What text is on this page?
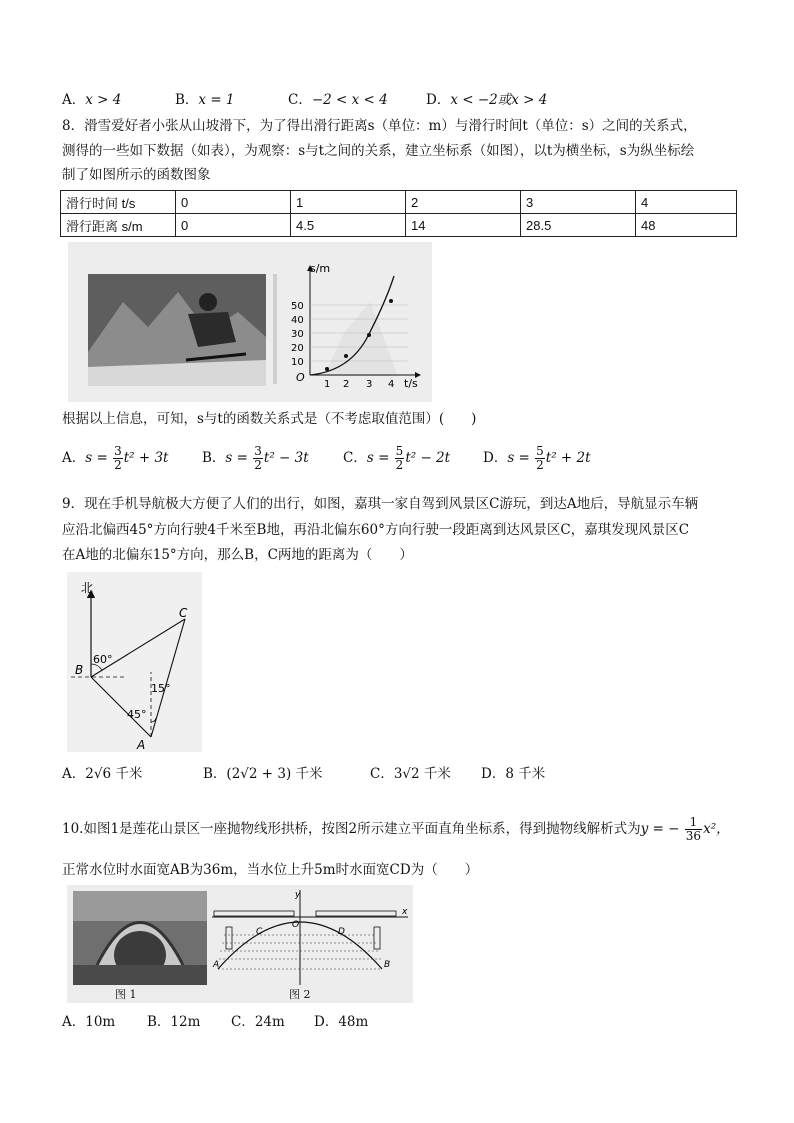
A．x > 4	B．x = 1	C．−2 < x < 4	D．x < −2或x > 4
8．滑雪爱好者小张从山坡滑下，为了得出滑行距离s（单位：m）与滑行时间t（单位：s）之间的关系式，
测得的一些如下数据（如表），为观察：s与t之间的关系，建立坐标系（如图），以t为横坐标，s为纵坐标绘
制了如图所示的函数图象
滑行时间 t/s	0	1	2	3	4
滑行距离 s/m	0	4.5	14	28.5	48
O
s/m
t/s
10
20
30
40
50
1 2 3 4
根据以上信息，可知，s与t的函数关系式是（不考虑取值范围）(　　)
A．$s = \frac{3}{2} t^2 + 3t$ B．$s = \frac{3}{2} t^2 - 3t$	C．$s = \frac{5}{2} t^2 - 2t$ D．$s = \frac{5}{2} t^2 + 2t$
9．现在手机导航极大方便了人们的出行，如图，嘉琪一家自驾到风景区C游玩，到达A地后，导航显示车辆
应沿北偏西45°方向行驶4千米至B地，再沿北偏东60°方向行驶一段距离到达风景区C，嘉琪发现风景区C
在A地的北偏东15°方向，那么B，C两地的距离为（　　）
北
C
B
A
60°
15°
45°
A．2√6 千米	B．(2√2 + 3) 千米	C．3√2 千米 D．8 千米
10.如图1是莲花山景区一座抛物线形拱桥，按图2所示建立平面直角坐标系，得到抛物线解析式为y = − $\frac{1}{36} x^2$，
正常水位时水面宽AB为36m，当水位上升5m时水面宽CD为（　　）
图 1	图 2
y
x
O
C	D
A	B
A．10m B．12m C．24m D．48m
